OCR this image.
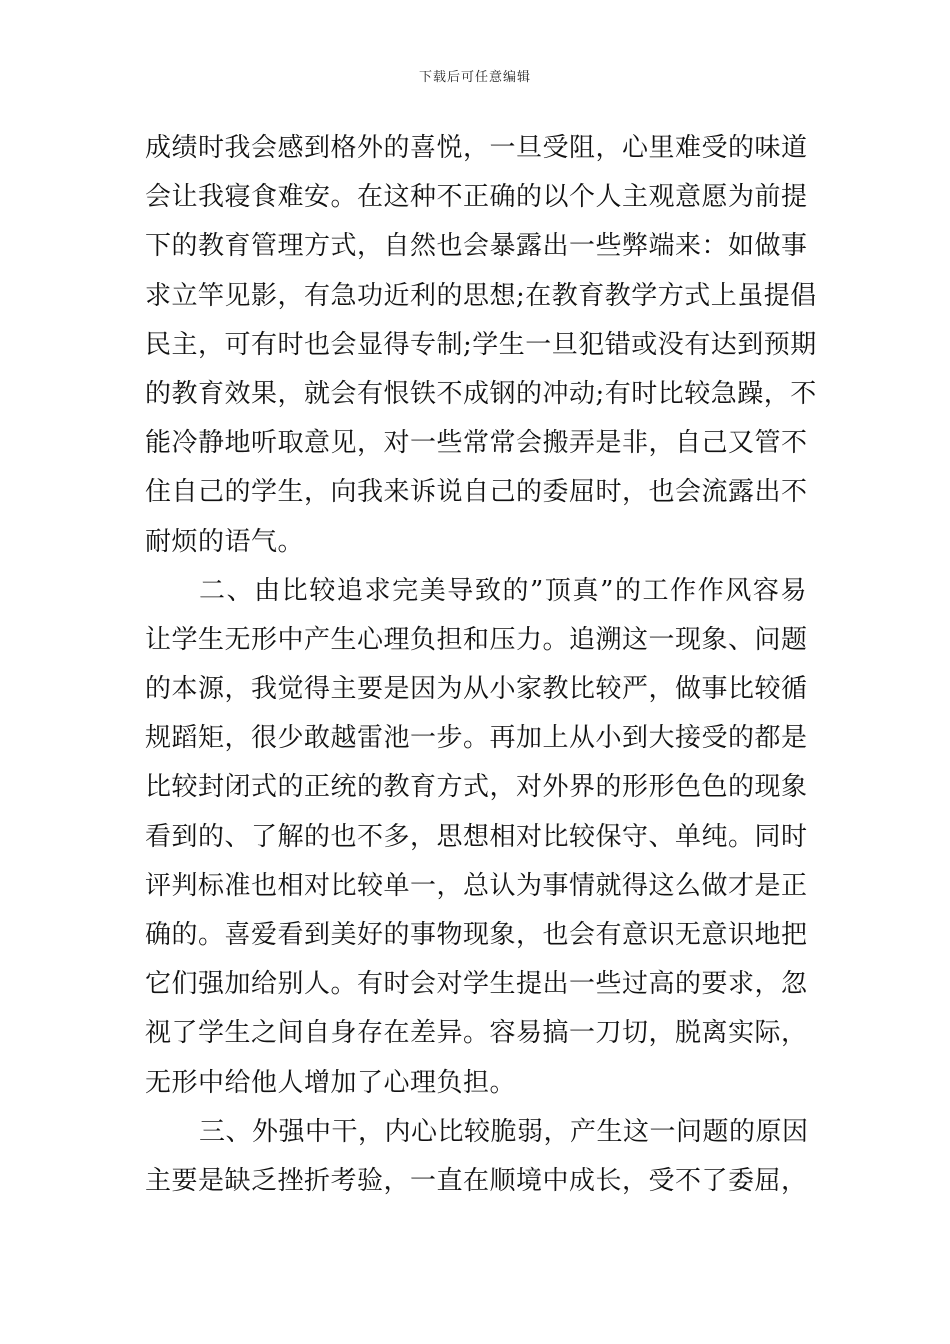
下载后可任意编辑
成绩时我会感到格外的喜悦，一旦受阻，心里难受的味道
会让我寝食难安。在这种不正确的以个人主观意愿为前提
下的教育管理方式，自然也会暴露出一些弊端来：如做事
求立竿见影，有急功近利的思想;在教育教学方式上虽提倡
民主，可有时也会显得专制;学生一旦犯错或没有达到预期
的教育效果，就会有恨铁不成钢的冲动;有时比较急躁，不
能冷静地听取意见，对一些常常会搬弄是非，自己又管不
住自己的学生，向我来诉说自己的委屈时，也会流露出不
耐烦的语气。
二、由比较追求完美导致的”顶真”的工作作风容易
让学生无形中产生心理负担和压力。追溯这一现象、问题
的本源，我觉得主要是因为从小家教比较严，做事比较循
规蹈矩，很少敢越雷池一步。再加上从小到大接受的都是
比较封闭式的正统的教育方式，对外界的形形色色的现象
看到的、了解的也不多，思想相对比较保守、单纯。同时
评判标准也相对比较单一，总认为事情就得这么做才是正
确的。喜爱看到美好的事物现象，也会有意识无意识地把
它们强加给别人。有时会对学生提出一些过高的要求，忽
视了学生之间自身存在差异。容易搞一刀切，脱离实际，
无形中给他人增加了心理负担。
三、外强中干，内心比较脆弱，产生这一问题的原因
主要是缺乏挫折考验，一直在顺境中成长，受不了委屈，
